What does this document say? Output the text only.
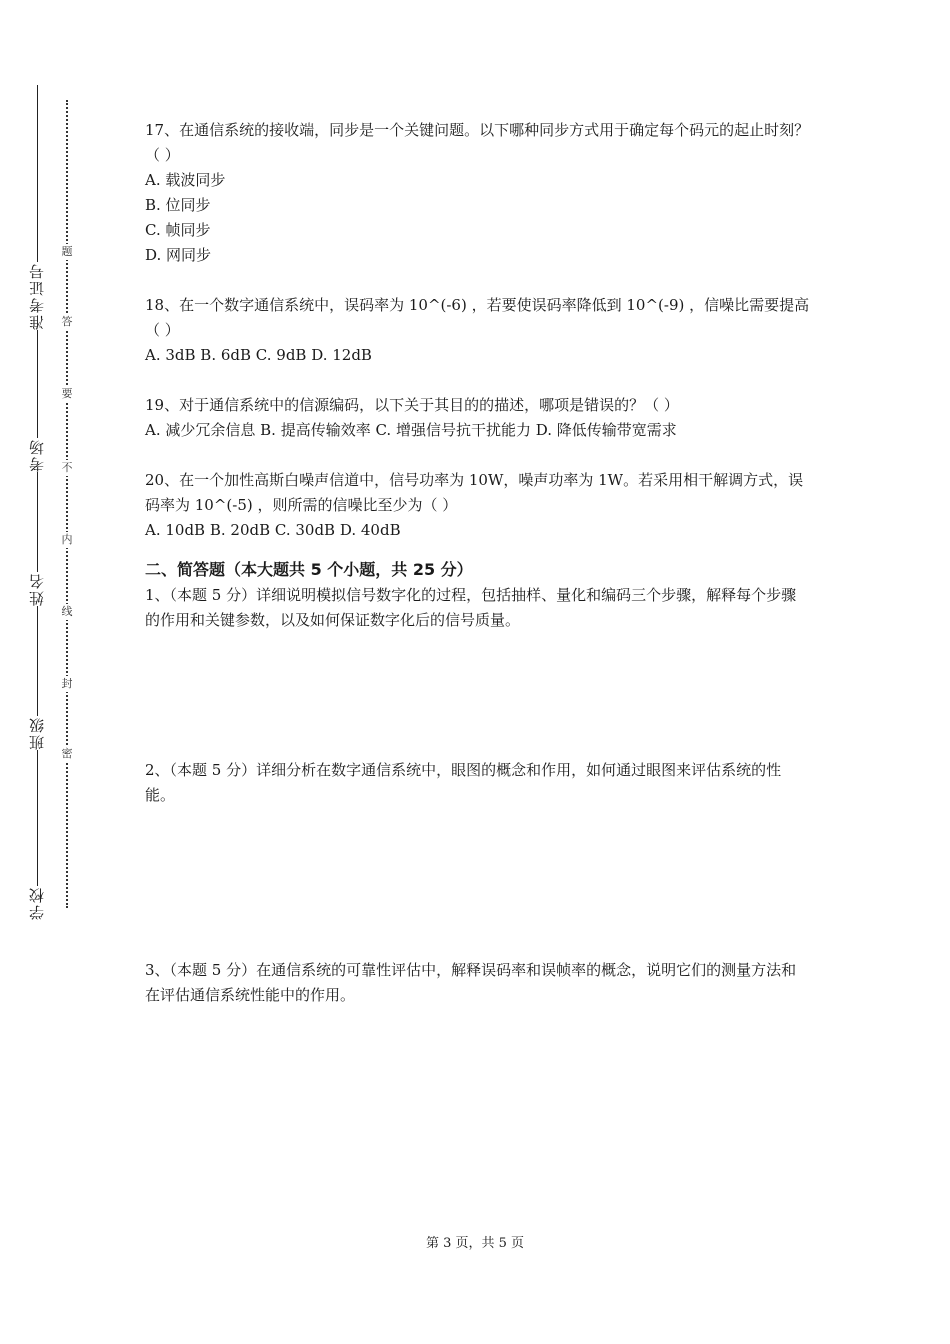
准考证号
考场
姓名
班级
学校
题
答
要
不
内
线
封
密

17、在通信系统的接收端，同步是一个关键问题。以下哪种同步方式用于确定每个码元的起止时刻？（ ）

A. 载波同步

B. 位同步

C. 帧同步

D. 网同步

18、在一个数字通信系统中，误码率为 10^(-6) ，若要使误码率降低到 10^(-9) ，信噪比需要提高（ ）

A. 3dB B. 6dB C. 9dB D. 12dB

19、对于通信系统中的信源编码，以下关于其目的的描述，哪项是错误的？（ ）

A. 减少冗余信息 B. 提高传输效率 C. 增强信号抗干扰能力 D. 降低传输带宽需求

20、在一个加性高斯白噪声信道中，信号功率为 10W，噪声功率为 1W。若采用相干解调方式，误码率为 10^(-5) ，则所需的信噪比至少为（ ）

A. 10dB B. 20dB C. 30dB D. 40dB

二、简答题（本大题共 5 个小题，共 25 分）

1、（本题 5 分）详细说明模拟信号数字化的过程，包括抽样、量化和编码三个步骤，解释每个步骤的作用和关键参数，以及如何保证数字化后的信号质量。

2、（本题 5 分）详细分析在数字通信系统中，眼图的概念和作用，如何通过眼图来评估系统的性能。

3、（本题 5 分）在通信系统的可靠性评估中，解释误码率和误帧率的概念，说明它们的测量方法和在评估通信系统性能中的作用。

第 3 页，共 5 页
